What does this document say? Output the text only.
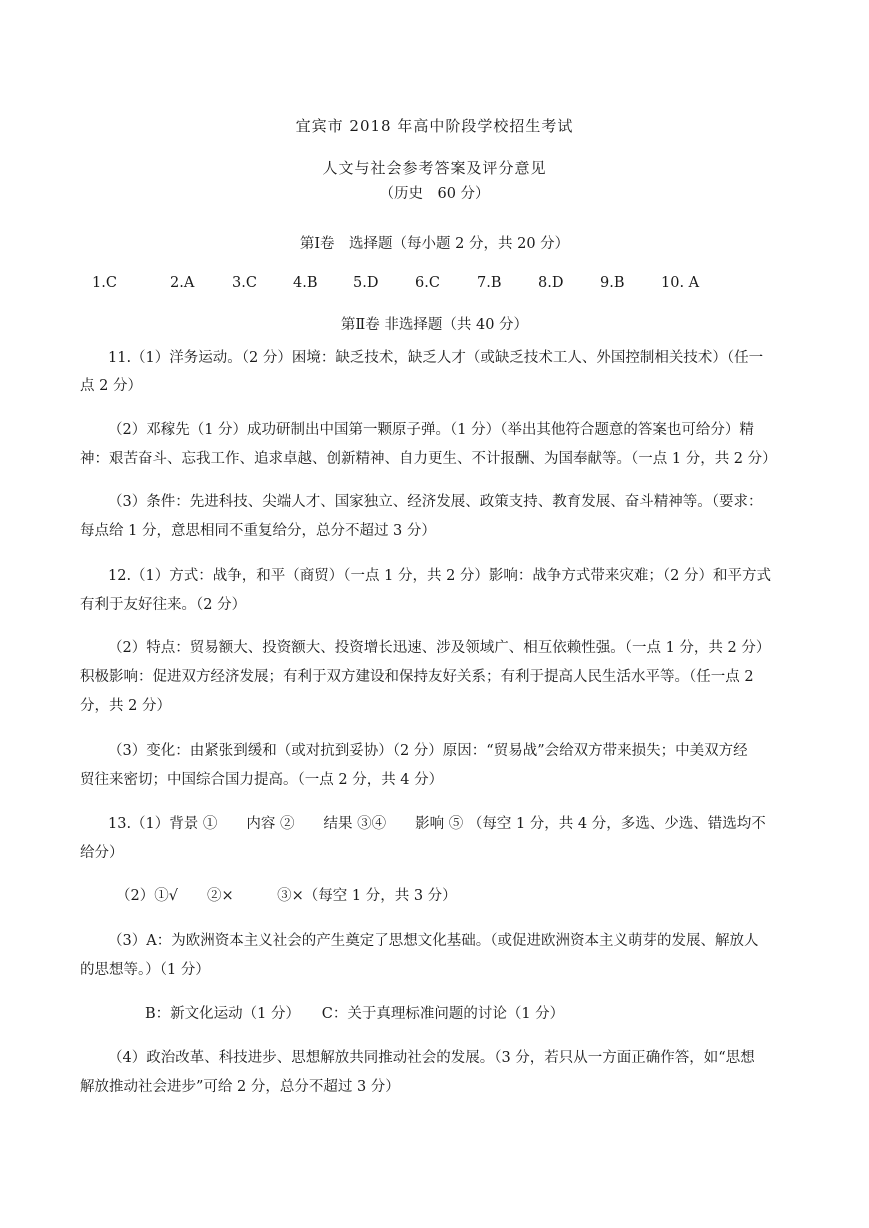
宜宾市 2018 年高中阶段学校招生考试
人文与社会参考答案及评分意见
（历史　60 分）
第Ⅰ卷　选择题（每小题 2 分，共 20 分）
1.C	2.A	3.C 4.B 5.D	6.C	7.B	8.D	9.B	10. A
第Ⅱ卷 非选择题（共 40 分）
11.（1）洋务运动。（2 分）困境：缺乏技术，缺乏人才（或缺乏技术工人、外国控制相关技术）（任一
点 2 分）
（2）邓稼先（1 分）成功研制出中国第一颗原子弹。（1 分）（举出其他符合题意的答案也可给分）精
神：艰苦奋斗、忘我工作、追求卓越、创新精神、自力更生、不计报酬、为国奉献等。（一点 1 分，共 2 分）
（3）条件：先进科技、尖端人才、国家独立、经济发展、政策支持、教育发展、奋斗精神等。（要求：
每点给 1 分，意思相同不重复给分，总分不超过 3 分）
12.（1）方式：战争，和平（商贸）（一点 1 分，共 2 分）影响：战争方式带来灾难；（2 分）和平方式
有利于友好往来。（2 分）
（2）特点：贸易额大、投资额大、投资增长迅速、涉及领域广、相互依赖性强。（一点 1 分，共 2 分）
积极影响：促进双方经济发展；有利于双方建设和保持友好关系；有利于提高人民生活水平等。（任一点 2
分，共 2 分）
（3）变化：由紧张到缓和（或对抗到妥协）（2 分）原因：“贸易战”会给双方带来损失；中美双方经
贸往来密切；中国综合国力提高。（一点 2 分，共 4 分）
13.（1）背景 ①　　内容 ②　　结果 ③④　　影响 ⑤ （每空 1 分，共 4 分，多选、少选、错选均不
给分）
（2）①√　　②×　　　③×（每空 1 分，共 3 分）
（3）A：为欧洲资本主义社会的产生奠定了思想文化基础。（或促进欧洲资本主义萌芽的发展、解放人
的思想等。）（1 分）
B：新文化运动（1 分）　　C：关于真理标准问题的讨论（1 分）
（4）政治改革、科技进步、思想解放共同推动社会的发展。（3 分，若只从一方面正确作答，如“思想
解放推动社会进步”可给 2 分，总分不超过 3 分）
